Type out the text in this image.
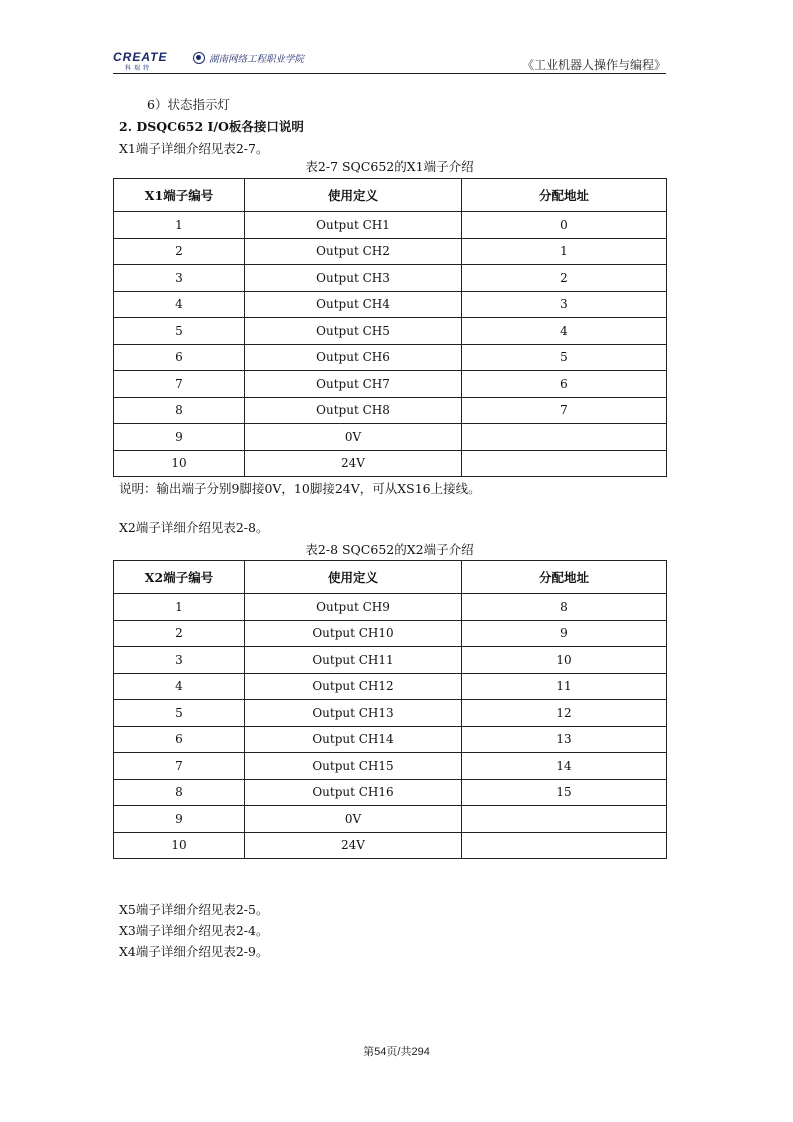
CREATE
科瑞特
湖南网络工程职业学院	《工业机器人操作与编程》
6）状态指示灯
2. DSQC652 I/O板各接口说明
X1端子详细介绍见表2-7。
表2-7 SQC652的X1端子介绍
X1端子编号	使用定义	分配地址
1	Output CH1	0
2	Output CH2	1
3	Output CH3	2
4	Output CH4	3
5	Output CH5	4
6	Output CH6	5
7	Output CH7	6
8	Output CH8	7
9	0V	
10	24V	
说明：输出端子分别9脚接0V，10脚接24V，可从XS16上接线。
X2端子详细介绍见表2-8。
表2-8 SQC652的X2端子介绍
X2端子编号	使用定义	分配地址
1	Output CH9	8
2	Output CH10	9
3	Output CH11	10
4	Output CH12	11
5	Output CH13	12
6	Output CH14	13
7	Output CH15	14
8	Output CH16	15
9	0V	
10	24V	
X5端子详细介绍见表2-5。
X3端子详细介绍见表2-4。
X4端子详细介绍见表2-9。
第54页/共294
